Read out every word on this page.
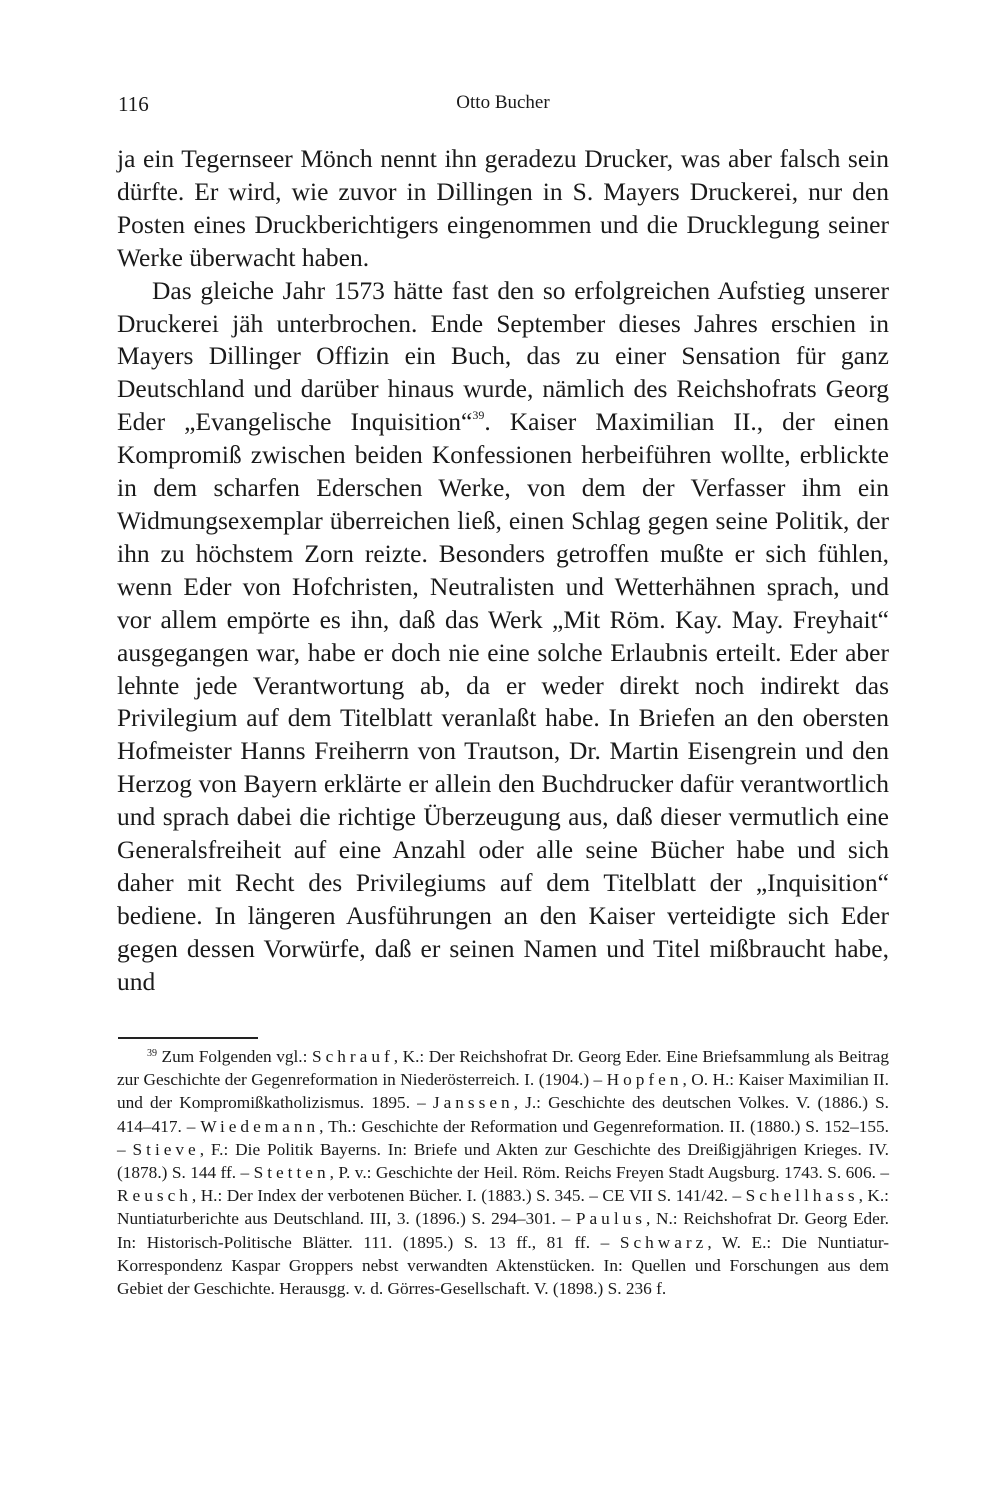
116	Otto Bucher

ja ein Tegernseer Mönch nennt ihn geradezu Drucker, was aber falsch sein dürfte. Er wird, wie zuvor in Dillingen in S. Mayers Druckerei, nur den Posten eines Druckberichtigers eingenommen und die Drucklegung seiner Werke überwacht haben.

Das gleiche Jahr 1573 hätte fast den so erfolgreichen Aufstieg unserer Druckerei jäh unterbrochen. Ende September dieses Jahres erschien in Mayers Dillinger Offizin ein Buch, das zu einer Sensation für ganz Deutschland und darüber hinaus wurde, nämlich des Reichshofrats Georg Eder „Evangelische Inquisition“$^{39}$. Kaiser Maximilian II., der einen Kompromiß zwischen beiden Konfessionen herbeiführen wollte, erblickte in dem scharfen Ederschen Werke, von dem der Verfasser ihm ein Widmungsexemplar überreichen ließ, einen Schlag gegen seine Politik, der ihn zu höchstem Zorn reizte. Besonders getroffen mußte er sich fühlen, wenn Eder von Hofchristen, Neutralisten und Wetterhähnen sprach, und vor allem empörte es ihn, daß das Werk „Mit Röm. Kay. May. Freyhait“ ausgegangen war, habe er doch nie eine solche Erlaubnis erteilt. Eder aber lehnte jede Verantwortung ab, da er weder direkt noch indirekt das Privilegium auf dem Titelblatt veranlaßt habe. In Briefen an den obersten Hofmeister Hanns Freiherrn von Trautson, Dr. Martin Eisengrein und den Herzog von Bayern erklärte er allein den Buchdrucker dafür verantwortlich und sprach dabei die richtige Überzeugung aus, daß dieser vermutlich eine Generalsfreiheit auf eine Anzahl oder alle seine Bücher habe und sich daher mit Recht des Privilegiums auf dem Titelblatt der „Inquisition“ bediene. In längeren Ausführungen an den Kaiser verteidigte sich Eder gegen dessen Vorwürfe, daß er seinen Namen und Titel mißbraucht habe, und

$^{39}$ Zum Folgenden vgl.: Schrauf, K.: Der Reichshofrat Dr. Georg Eder. Eine Briefsammlung als Beitrag zur Geschichte der Gegenreformation in Niederösterreich. I. (1904.) – Hopfen, O. H.: Kaiser Maximilian II. und der Kompromißkatholizismus. 1895. – Janssen, J.: Geschichte des deutschen Volkes. V. (1886.) S. 414–417. – Wiedemann, Th.: Geschichte der Reformation und Gegenreformation. II. (1880.) S. 152–155. – Stieve, F.: Die Politik Bayerns. In: Briefe und Akten zur Geschichte des Dreißigjährigen Krieges. IV. (1878.) S. 144 ff. – Stetten, P. v.: Geschichte der Heil. Röm. Reichs Freyen Stadt Augsburg. 1743. S. 606. – Reusch, H.: Der Index der verbotenen Bücher. I. (1883.) S. 345. – CE VII S. 141/42. – Schellhass, K.: Nuntiaturberichte aus Deutschland. III, 3. (1896.) S. 294–301. – Paulus, N.: Reichshofrat Dr. Georg Eder. In: Historisch-Politische Blätter. 111. (1895.) S. 13 ff., 81 ff. – Schwarz, W. E.: Die Nuntiatur-Korrespondenz Kaspar Groppers nebst verwandten Aktenstücken. In: Quellen und Forschungen aus dem Gebiet der Geschichte. Herausgg. v. d. Görres-Gesellschaft. V. (1898.) S. 236 f.
